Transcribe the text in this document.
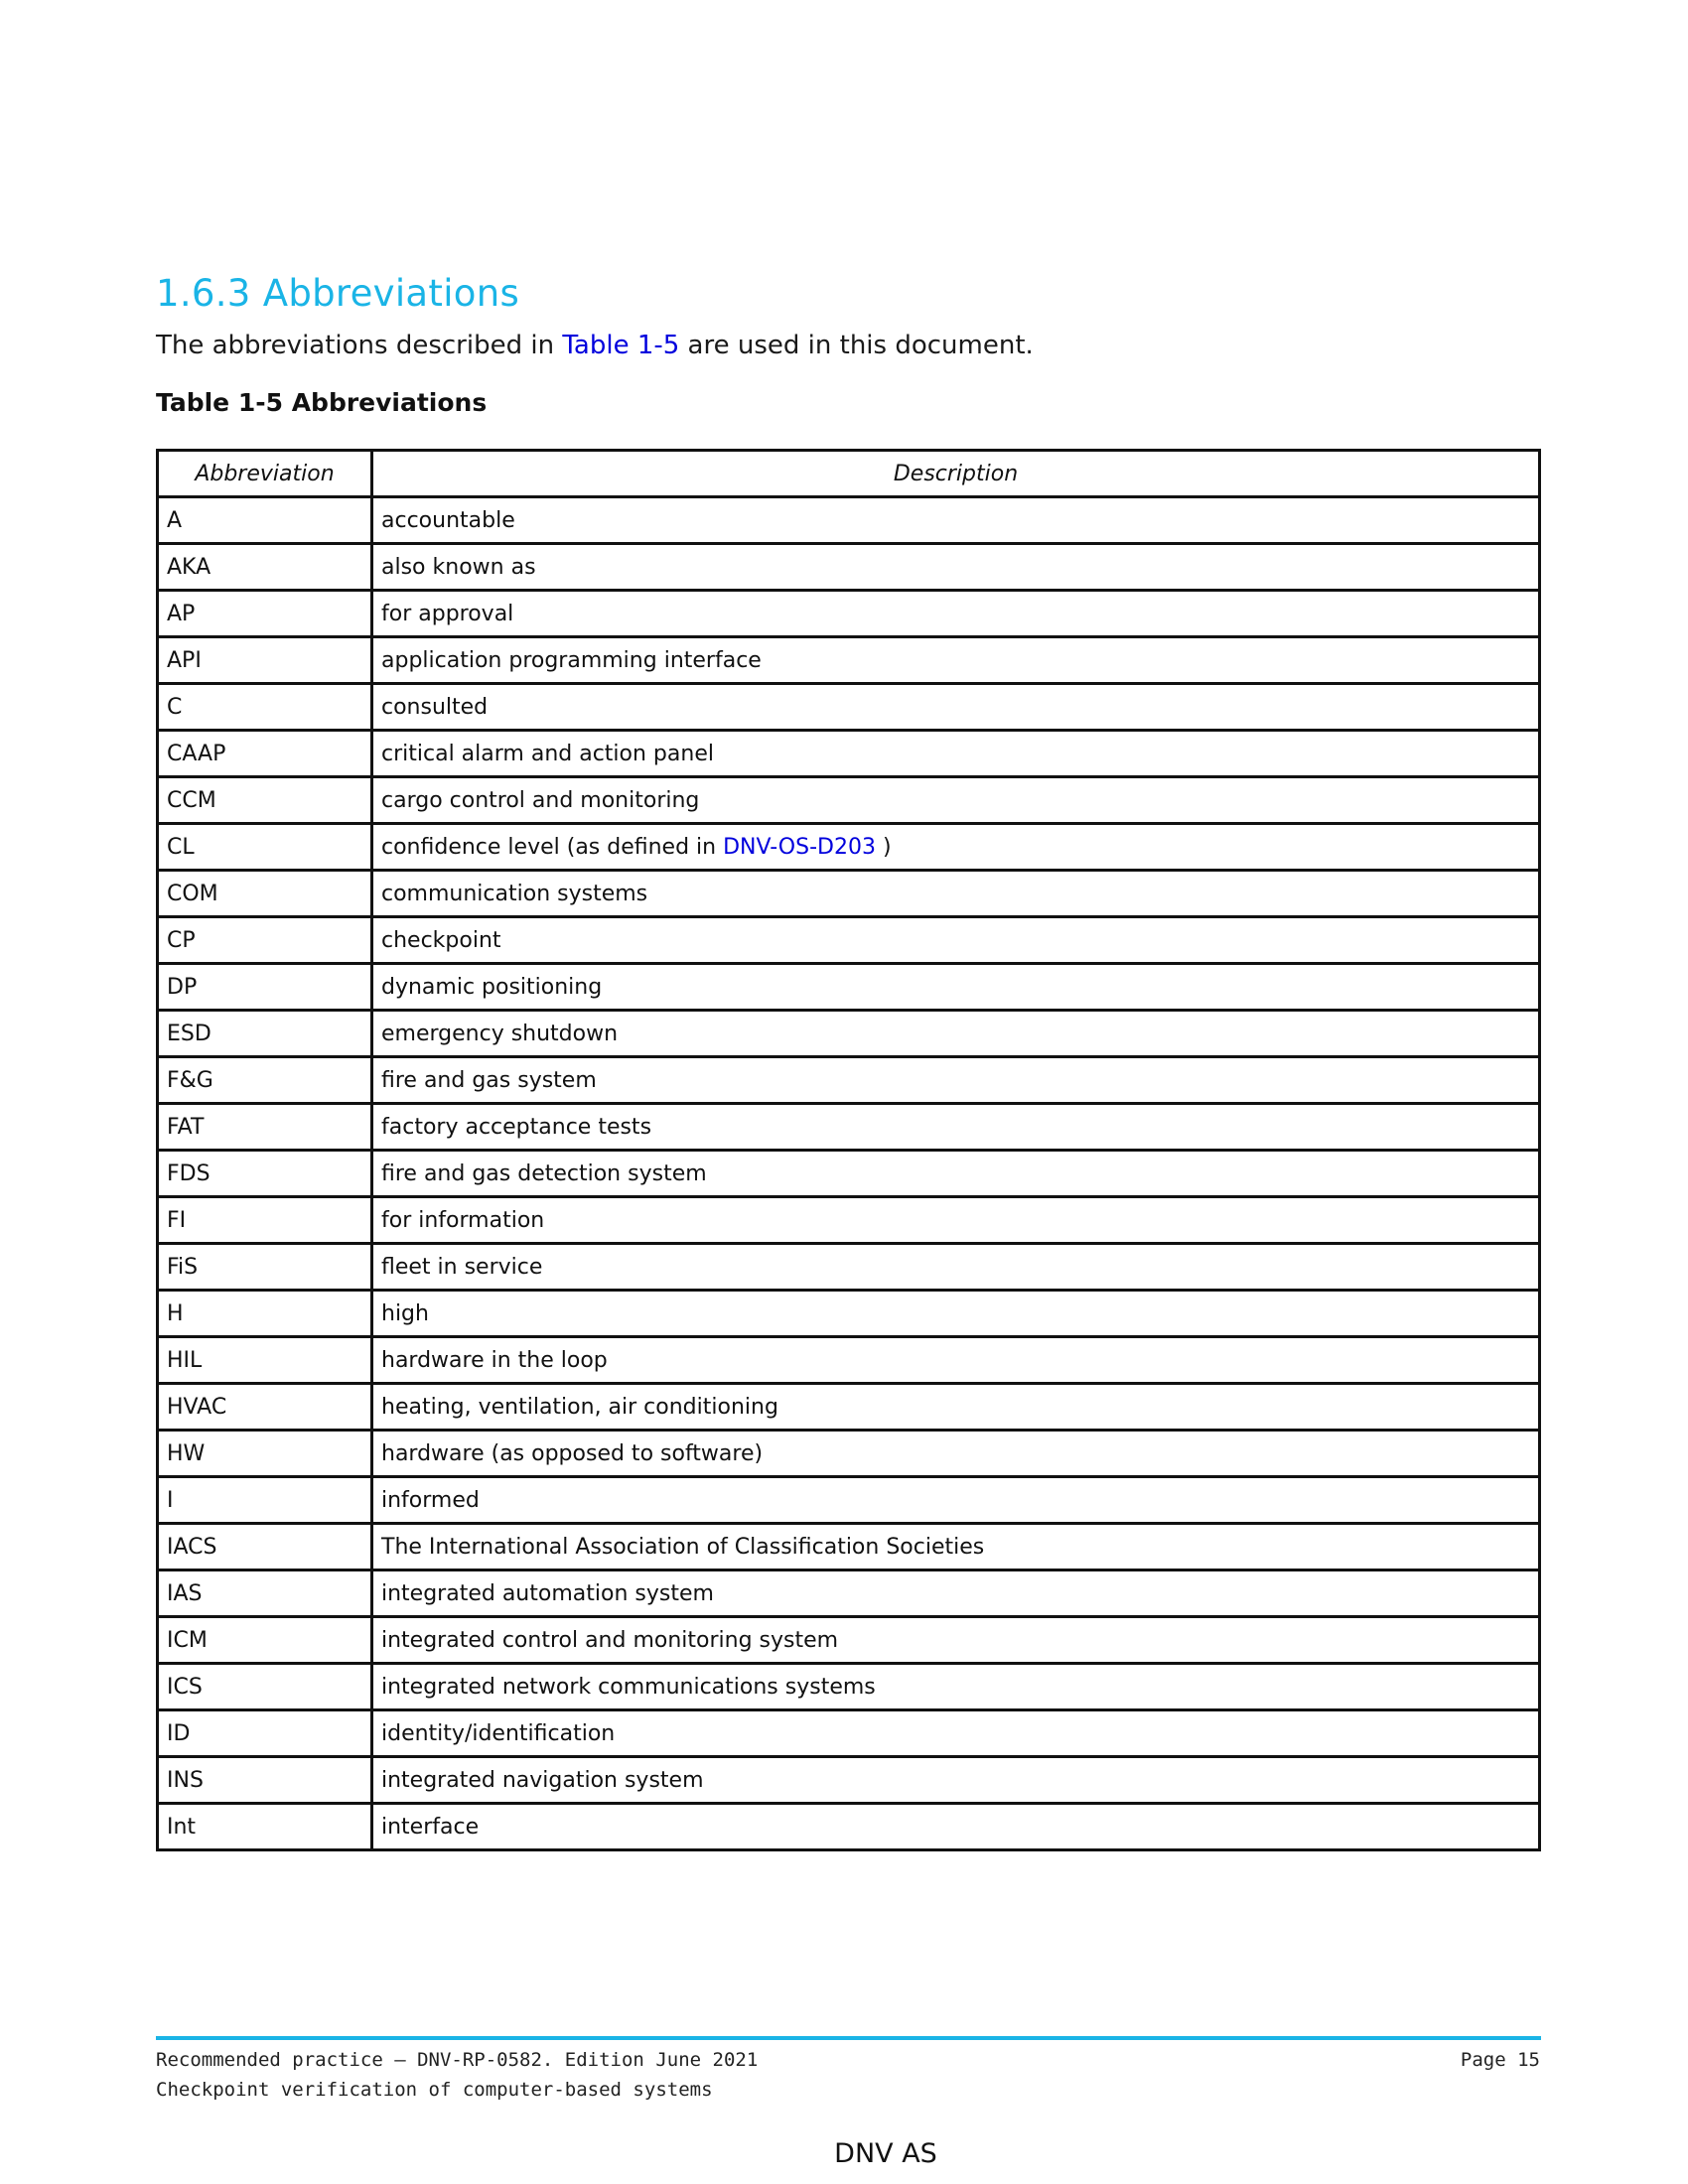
1.6.3 Abbreviations

The abbreviations described in Table 1-5 are used in this document.

Table 1-5 Abbreviations

Abbreviation	Description
A	accountable
AKA	also known as
AP	for approval
API	application programming interface
C	consulted
CAAP	critical alarm and action panel
CCM	cargo control and monitoring
CL	confidence level (as defined in DNV-OS-D203 )
COM	communication systems
CP	checkpoint
DP	dynamic positioning
ESD	emergency shutdown
F&G	fire and gas system
FAT	factory acceptance tests
FDS	fire and gas detection system
FI	for information
FiS	fleet in service
H	high
HIL	hardware in the loop
HVAC	heating, ventilation, air conditioning
HW	hardware (as opposed to software)
I	informed
IACS	The International Association of Classification Societies
IAS	integrated automation system
ICM	integrated control and monitoring system
ICS	integrated network communications systems
ID	identity/identification
INS	integrated navigation system
Int	interface

Recommended practice — DNV-RP-0582. Edition June 2021

Checkpoint verification of computer-based systems

Page 15

DNV AS
